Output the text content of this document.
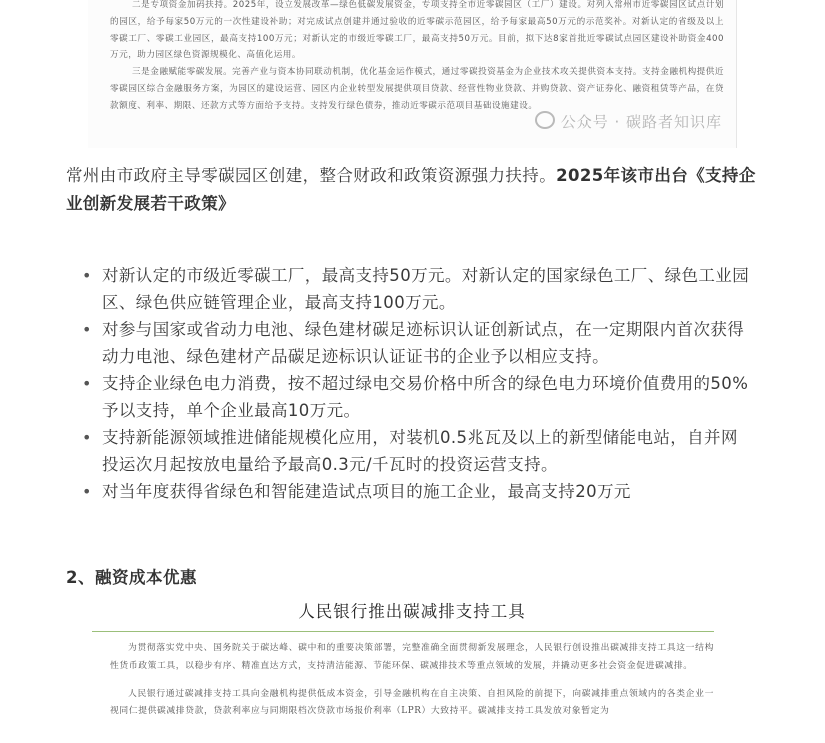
二是专项资金加码扶持。2025年，设立发展改革—绿色低碳发展资金，专项支持全市近零碳园区（工厂）建设。对列入常州市近零碳园区试点计划的园区，给予每家50万元的一次性建设补助；对完成试点创建并通过验收的近零碳示范园区，给予每家最高50万元的示范奖补。对新认定的省级及以上零碳工厂、零碳工业园区，最高支持100万元；对新认定的市级近零碳工厂，最高支持50万元。目前，拟下达8家首批近零碳试点园区建设补助资金400万元，助力园区绿色资源规模化、高值化运用。

三是金融赋能零碳发展。完善产业与资本协同联动机制，优化基金运作模式，通过零碳投资基金为企业技术攻关提供资本支持。支持金融机构提供近零碳园区综合金融服务方案，为园区的建设运营、园区内企业转型发展提供项目贷款、经营性物业贷款、并购贷款、资产证券化、融资租赁等产品，在贷款额度、利率、期限、还款方式等方面给予支持。支持发行绿色债券，推动近零碳示范项目基础设施建设。

公众号 · 碳路者知识库
常州由市政府主导零碳园区创建，整合财政和政策资源强力扶持。2025年该市出台《支持企业创新发展若干政策》
• 对新认定的市级近零碳工厂，最高支持50万元。对新认定的国家绿色工厂、绿色工业园区、绿色供应链管理企业，最高支持100万元。
• 对参与国家或省动力电池、绿色建材碳足迹标识认证创新试点，在一定期限内首次获得动力电池、绿色建材产品碳足迹标识认证证书的企业予以相应支持。
• 支持企业绿色电力消费，按不超过绿电交易价格中所含的绿色电力环境价值费用的50%予以支持，单个企业最高10万元。
• 支持新能源领域推进储能规模化应用，对装机0.5兆瓦及以上的新型储能电站，自并网投运次月起按放电量给予最高0.3元/千瓦时的投资运营支持。
• 对当年度获得省绿色和智能建造试点项目的施工企业，最高支持20万元
2、融资成本优惠
人民银行推出碳减排支持工具

为贯彻落实党中央、国务院关于碳达峰、碳中和的重要决策部署，完整准确全面贯彻新发展理念，人民银行创设推出碳减排支持工具这一结构性货币政策工具，以稳步有序、精准直达方式，支持清洁能源、节能环保、碳减排技术等重点领域的发展，并撬动更多社会资金促进碳减排。

人民银行通过碳减排支持工具向金融机构提供低成本资金，引导金融机构在自主决策、自担风险的前提下，向碳减排重点领域内的各类企业一视同仁提供碳减排贷款，贷款利率应与同期限档次贷款市场报价利率（LPR）大致持平。碳减排支持工具发放对象暂定为
